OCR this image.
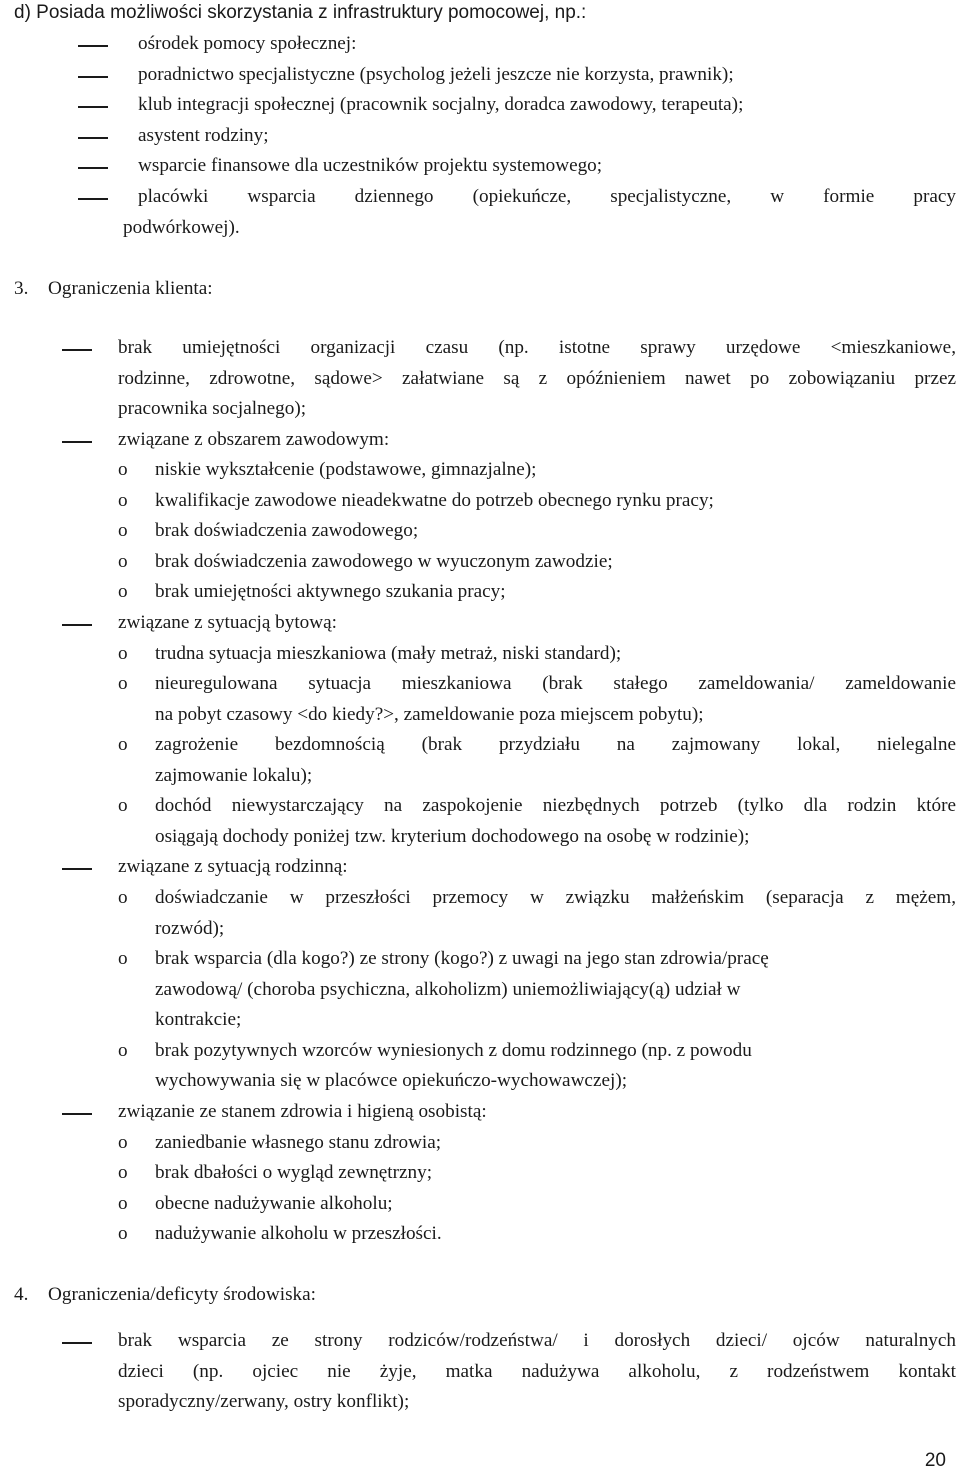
d) Posiada możliwości skorzystania z infrastruktury pomocowej, np.:
ośrodek pomocy społecznej:
poradnictwo specjalistyczne (psycholog jeżeli jeszcze nie korzysta, prawnik);
klub integracji społecznej (pracownik socjalny, doradca zawodowy, terapeuta);
asystent rodziny;
wsparcie finansowe dla uczestników projektu systemowego;
placówki wsparcia dziennego (opiekuńcze, specjalistyczne, w formie pracy
podwórkowej).
3. Ograniczenia klienta:
brak umiejętności organizacji czasu (np. istotne sprawy urzędowe <mieszkaniowe,
rodzinne, zdrowotne, sądowe> załatwiane są z opóźnieniem nawet po zobowiązaniu przez
pracownika socjalnego);
związane z obszarem zawodowym:
o niskie wykształcenie (podstawowe, gimnazjalne);
o kwalifikacje zawodowe nieadekwatne do potrzeb obecnego rynku pracy;
o brak doświadczenia zawodowego;
o brak doświadczenia zawodowego w wyuczonym zawodzie;
o brak umiejętności aktywnego szukania pracy;
związane z sytuacją bytową:
o trudna sytuacja mieszkaniowa (mały metraż, niski standard);
o nieuregulowana sytuacja mieszkaniowa (brak stałego zameldowania/ zameldowanie
na pobyt czasowy <do kiedy?>, zameldowanie poza miejscem pobytu);
o zagrożenie bezdomnością (brak przydziału na zajmowany lokal, nielegalne
zajmowanie lokalu);
o dochód niewystarczający na zaspokojenie niezbędnych potrzeb (tylko dla rodzin które
osiągają dochody poniżej tzw. kryterium dochodowego na osobę w rodzinie);
związane z sytuacją rodzinną:
o doświadczanie w przeszłości przemocy w związku małżeńskim (separacja z mężem,
rozwód);
o brak wsparcia (dla kogo?) ze strony (kogo?) z uwagi na jego stan zdrowia/pracę
zawodową/ (choroba psychiczna, alkoholizm) uniemożliwiający(ą) udział w
kontrakcie;
o brak pozytywnych wzorców wyniesionych z domu rodzinnego (np. z powodu
wychowywania się w placówce opiekuńczo-wychowawczej);
związanie ze stanem zdrowia i higieną osobistą:
o zaniedbanie własnego stanu zdrowia;
o brak dbałości o wygląd zewnętrzny;
o obecne nadużywanie alkoholu;
o nadużywanie alkoholu w przeszłości.
4. Ograniczenia/deficyty środowiska:
brak wsparcia ze strony rodziców/rodzeństwa/ i dorosłych dzieci/ ojców naturalnych
dzieci (np. ojciec nie żyje, matka nadużywa alkoholu, z rodzeństwem kontakt
sporadyczny/zerwany, ostry konflikt);
20
